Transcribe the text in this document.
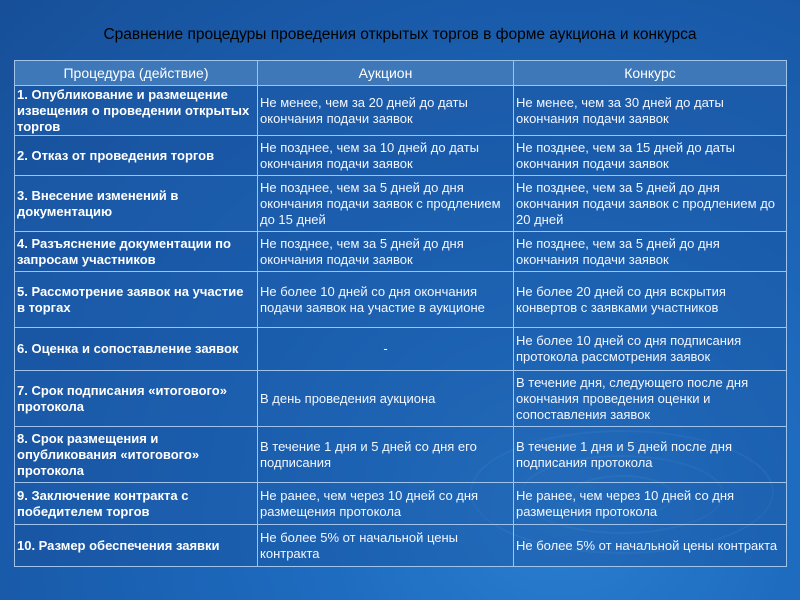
Сравнение процедуры проведения открытых торгов в форме аукциона и конкурса
Процедура (действие)	Аукцион	Конкурс
1. Опубликование и размещение извещения о проведении открытых торгов	Не менее, чем за 20 дней до даты окончания подачи заявок	Не менее, чем за 30 дней до даты окончания подачи заявок
2. Отказ от проведения торгов	Не позднее, чем за 10 дней до даты окончания подачи заявок	Не позднее, чем за 15 дней до даты окончания подачи заявок
3. Внесение изменений в документацию	Не позднее, чем за 5 дней до дня окончания подачи заявок с продлением до 15 дней	Не позднее, чем за 5 дней до дня окончания подачи заявок с продлением до 20 дней
4. Разъяснение документации по запросам участников	Не позднее, чем за 5 дней до дня окончания подачи заявок	Не позднее, чем за 5 дней до дня окончания подачи заявок
5. Рассмотрение заявок на участие в торгах	Не более 10 дней со дня окончания подачи заявок на участие в аукционе	Не более 20 дней со дня вскрытия конвертов с заявками участников
6. Оценка и сопоставление заявок	-	Не более 10 дней со дня подписания протокола рассмотрения заявок
7. Срок подписания «итогового» протокола	В день проведения аукциона	В течение дня, следующего после дня окончания проведения оценки и сопоставления заявок
8. Срок размещения и опубликования «итогового» протокола	В течение 1 дня и 5 дней со дня его подписания	В течение 1 дня и 5 дней после дня подписания протокола
9. Заключение контракта с победителем торгов	Не ранее, чем через 10 дней со дня размещения протокола	Не ранее, чем через 10 дней со дня размещения протокола
10. Размер обеспечения заявки	Не более 5% от начальной цены контракта	Не более 5% от начальной цены контракта
